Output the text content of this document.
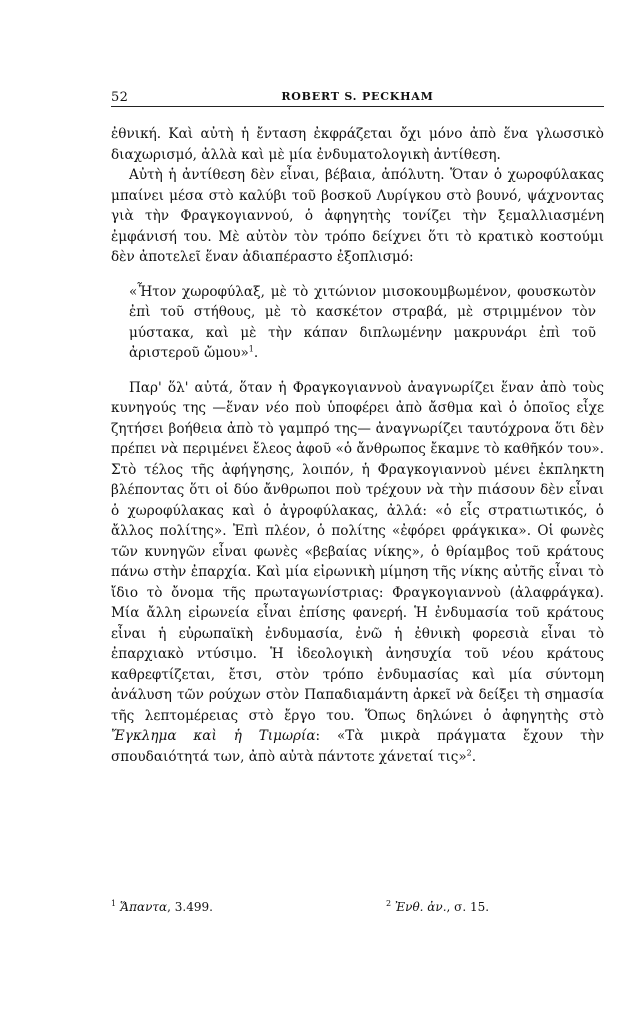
52	ROBERT S. PECKHAM

ἐθνική. Καὶ αὐτὴ ἡ ἔνταση ἐκφράζεται ὄχι μόνο ἀπὸ ἕνα γλωσσικὸ διαχωρισμό, ἀλλὰ καὶ μὲ μία ἐνδυματολογικὴ ἀντίθεση.

Αὐτὴ ἡ ἀντίθεση δὲν εἶναι, βέβαια, ἀπόλυτη. Ὅταν ὁ χωροφύλακας μπαίνει μέσα στὸ καλύβι τοῦ βοσκοῦ Λυρίγκου στὸ βουνό, ψάχνοντας γιὰ τὴν Φραγκογιαννού, ὁ ἀφηγητὴς τονίζει τὴν ξεμαλλιασμένη ἐμφάνισή του. Μὲ αὐτὸν τὸν τρόπο δείχνει ὅτι τὸ κρατικὸ κοστούμι δὲν ἀποτελεῖ ἕναν ἀδιαπέραστο ἐξοπλισμό:

«Ἦτον χωροφύλαξ, μὲ τὸ χιτώνιον μισοκουμβωμένον, φουσκωτὸν ἐπὶ τοῦ στήθους, μὲ τὸ κασκέτον στραβά, μὲ στριμμένον τὸν μύστακα, καὶ μὲ τὴν κάπαν διπλωμένην μακρυνάρι ἐπὶ τοῦ ἀριστεροῦ ὤμου»$^1$.

Παρ' ὅλ' αὐτά, ὅταν ἡ Φραγκογιαννοὺ ἀναγνωρίζει ἕναν ἀπὸ τοὺς κυνηγούς της —ἕναν νέο ποὺ ὑποφέρει ἀπὸ ἄσθμα καὶ ὁ ὁποῖος εἶχε ζητήσει βοήθεια ἀπὸ τὸ γαμπρό της— ἀναγνωρίζει ταυτόχρονα ὅτι δὲν πρέπει νὰ περιμένει ἔλεος ἀφοῦ «ὁ ἄνθρωπος ἔκαμνε τὸ καθῆκόν του». Στὸ τέλος τῆς ἀφήγησης, λοιπόν, ἡ Φραγκογιαννοὺ μένει ἐκπληκτη βλέποντας ὅτι οἱ δύο ἄνθρωποι ποὺ τρέχουν νὰ τὴν πιάσουν δὲν εἶναι ὁ χωροφύλακας καὶ ὁ ἀγροφύλακας, ἀλλά: «ὁ εἷς στρατιωτικός, ὁ ἄλλος πολίτης». Ἐπὶ πλέον, ὁ πολίτης «ἐφόρει φράγκικα». Οἱ φωνὲς τῶν κυνηγῶν εἶναι φωνὲς «βεβαίας νίκης», ὁ θρίαμβος τοῦ κράτους πάνω στὴν ἐπαρχία. Καὶ μία εἰρωνικὴ μίμηση τῆς νίκης αὐτῆς εἶναι τὸ ἴδιο τὸ ὄνομα τῆς πρωταγωνίστριας: Φραγκογιαννοὺ (ἀλαφράγκα). Μία ἄλλη εἰρωνεία εἶναι ἐπίσης φανερή. Ἡ ἐνδυμασία τοῦ κράτους εἶναι ἡ εὐρωπαϊκὴ ἐνδυμασία, ἐνῶ ἡ ἐθνικὴ φορεσιὰ εἶναι τὸ ἐπαρχιακὸ ντύσιμο. Ἡ ἰδεολογικὴ ἀνησυχία τοῦ νέου κράτους καθρεφτίζεται, ἔτσι, στὸν τρόπο ἐνδυμασίας καὶ μία σύντομη ἀνάλυση τῶν ρούχων στὸν Παπαδιαμάντη ἀρκεῖ νὰ δείξει τὴ σημασία τῆς λεπτομέρειας στὸ ἔργο του. Ὅπως δηλώνει ὁ ἀφηγητὴς στὸ Ἔγκλημα καὶ ἡ Τιμωρία: «Τὰ μικρὰ πράγματα ἔχουν τὴν σπουδαιότητά των, ἀπὸ αὐτὰ πάντοτε χάνεταί τις»$^2$.

$^1$ Ἅπαντα, 3.499.	$^2$ Ἐνθ. ἀν., σ. 15.
